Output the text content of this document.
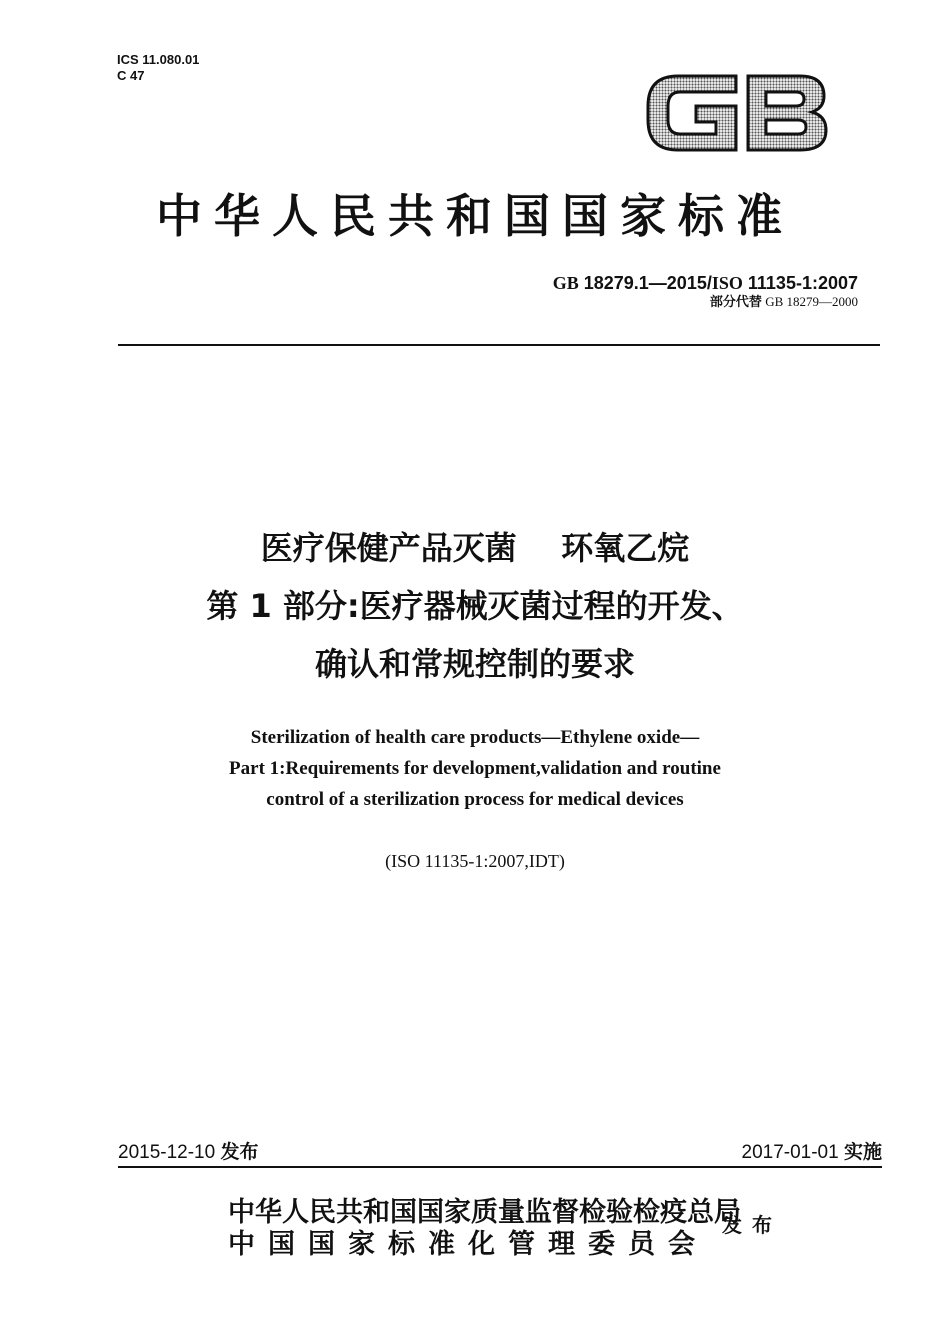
ICS 11.080.01
C 47
中华人民共和国国家标准
GB 18279.1—2015/ISO 11135-1:2007
部分代替 GB 18279—2000
医疗保健产品灭菌    环氧乙烷
第 1 部分:医疗器械灭菌过程的开发、
确认和常规控制的要求
Sterilization of health care products—Ethylene oxide—
Part 1:Requirements for development,validation and routine
control of a sterilization process for medical devices
(ISO 11135-1:2007,IDT)
2015-12-10 发布	2017-01-01 实施
中华人民共和国国家质量监督检验检疫总局
中国国家标准化管理委员会
发布
